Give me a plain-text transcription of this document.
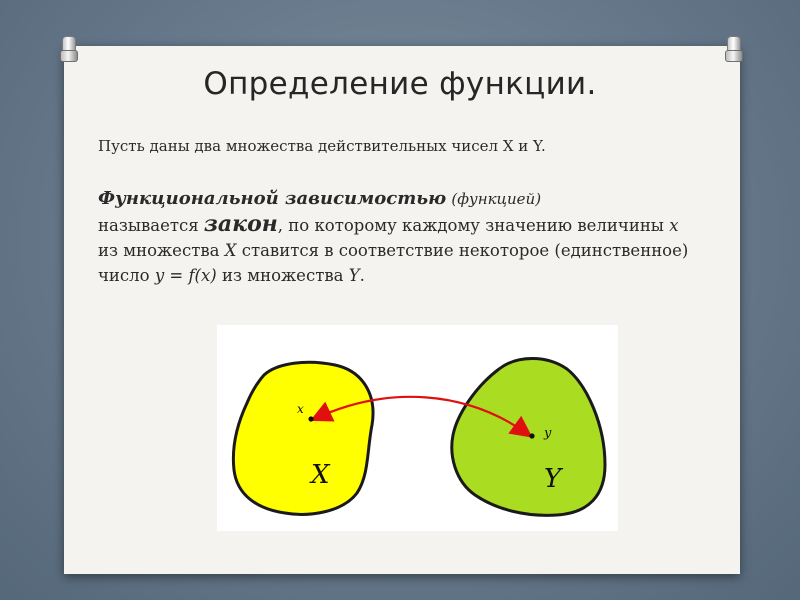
Определение функции.
Пусть даны два множества действительных чисел X и Y.
Функциональной зависимостью (функцией)
называется закон, по которому каждому значению величины x из множества X ставится в соответствие некоторое (единственное) число y = f(x) из множества Y.
x
y
X	Y
